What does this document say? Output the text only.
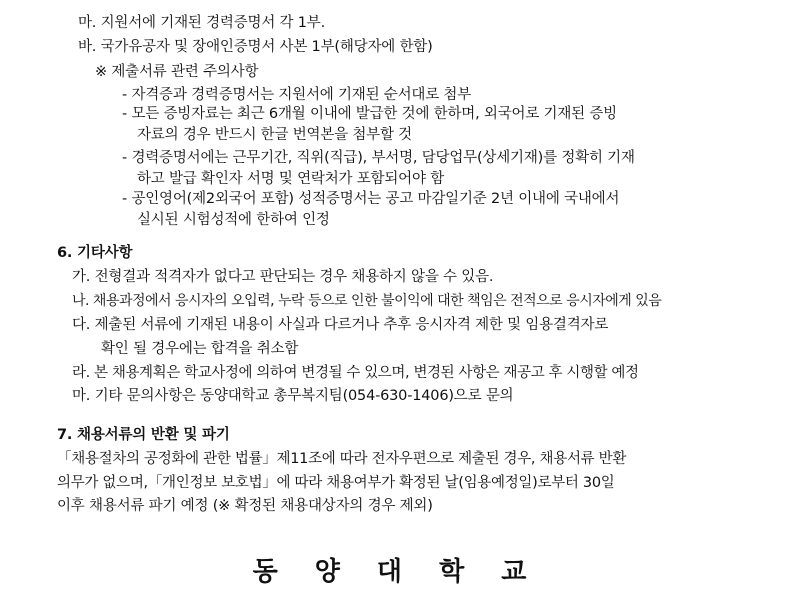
마. 지원서에 기재된 경력증명서 각 1부.
바. 국가유공자 및 장애인증명서 사본 1부(해당자에 한함)
※ 제출서류 관련 주의사항
- 자격증과 경력증명서는 지원서에 기재된 순서대로 첨부
- 모든 증빙자료는 최근 6개월 이내에 발급한 것에 한하며, 외국어로 기재된 증빙
자료의 경우 반드시 한글 번역본을 첨부할 것
- 경력증명서에는 근무기간, 직위(직급), 부서명, 담당업무(상세기재)를 정확히 기재
하고 발급 확인자 서명 및 연락처가 포함되어야 함
- 공인영어(제2외국어 포함) 성적증명서는 공고 마감일기준 2년 이내에 국내에서
실시된 시험성적에 한하여 인정
6. 기타사항
가. 전형결과 적격자가 없다고 판단되는 경우 채용하지 않을 수 있음.
나. 채용과정에서 응시자의 오입력, 누락 등으로 인한 불이익에 대한 책임은 전적으로 응시자에게 있음
다. 제출된 서류에 기재된 내용이 사실과 다르거나 추후 응시자격 제한 및 임용결격자로
확인 될 경우에는 합격을 취소함
라. 본 채용계획은 학교사정에 의하여 변경될 수 있으며, 변경된 사항은 재공고 후 시행할 예정
마. 기타 문의사항은 동양대학교 총무복지팀(054-630-1406)으로 문의
7. 채용서류의 반환 및 파기
「채용절차의 공정화에 관한 법률」제11조에 따라 전자우편으로 제출된 경우, 채용서류 반환
의무가 없으며,「개인정보 보호법」에 따라 채용여부가 확정된 날(임용예정일)로부터 30일
이후 채용서류 파기 예정 (※ 확정된 채용대상자의 경우 제외)
동 양 대 학 교
